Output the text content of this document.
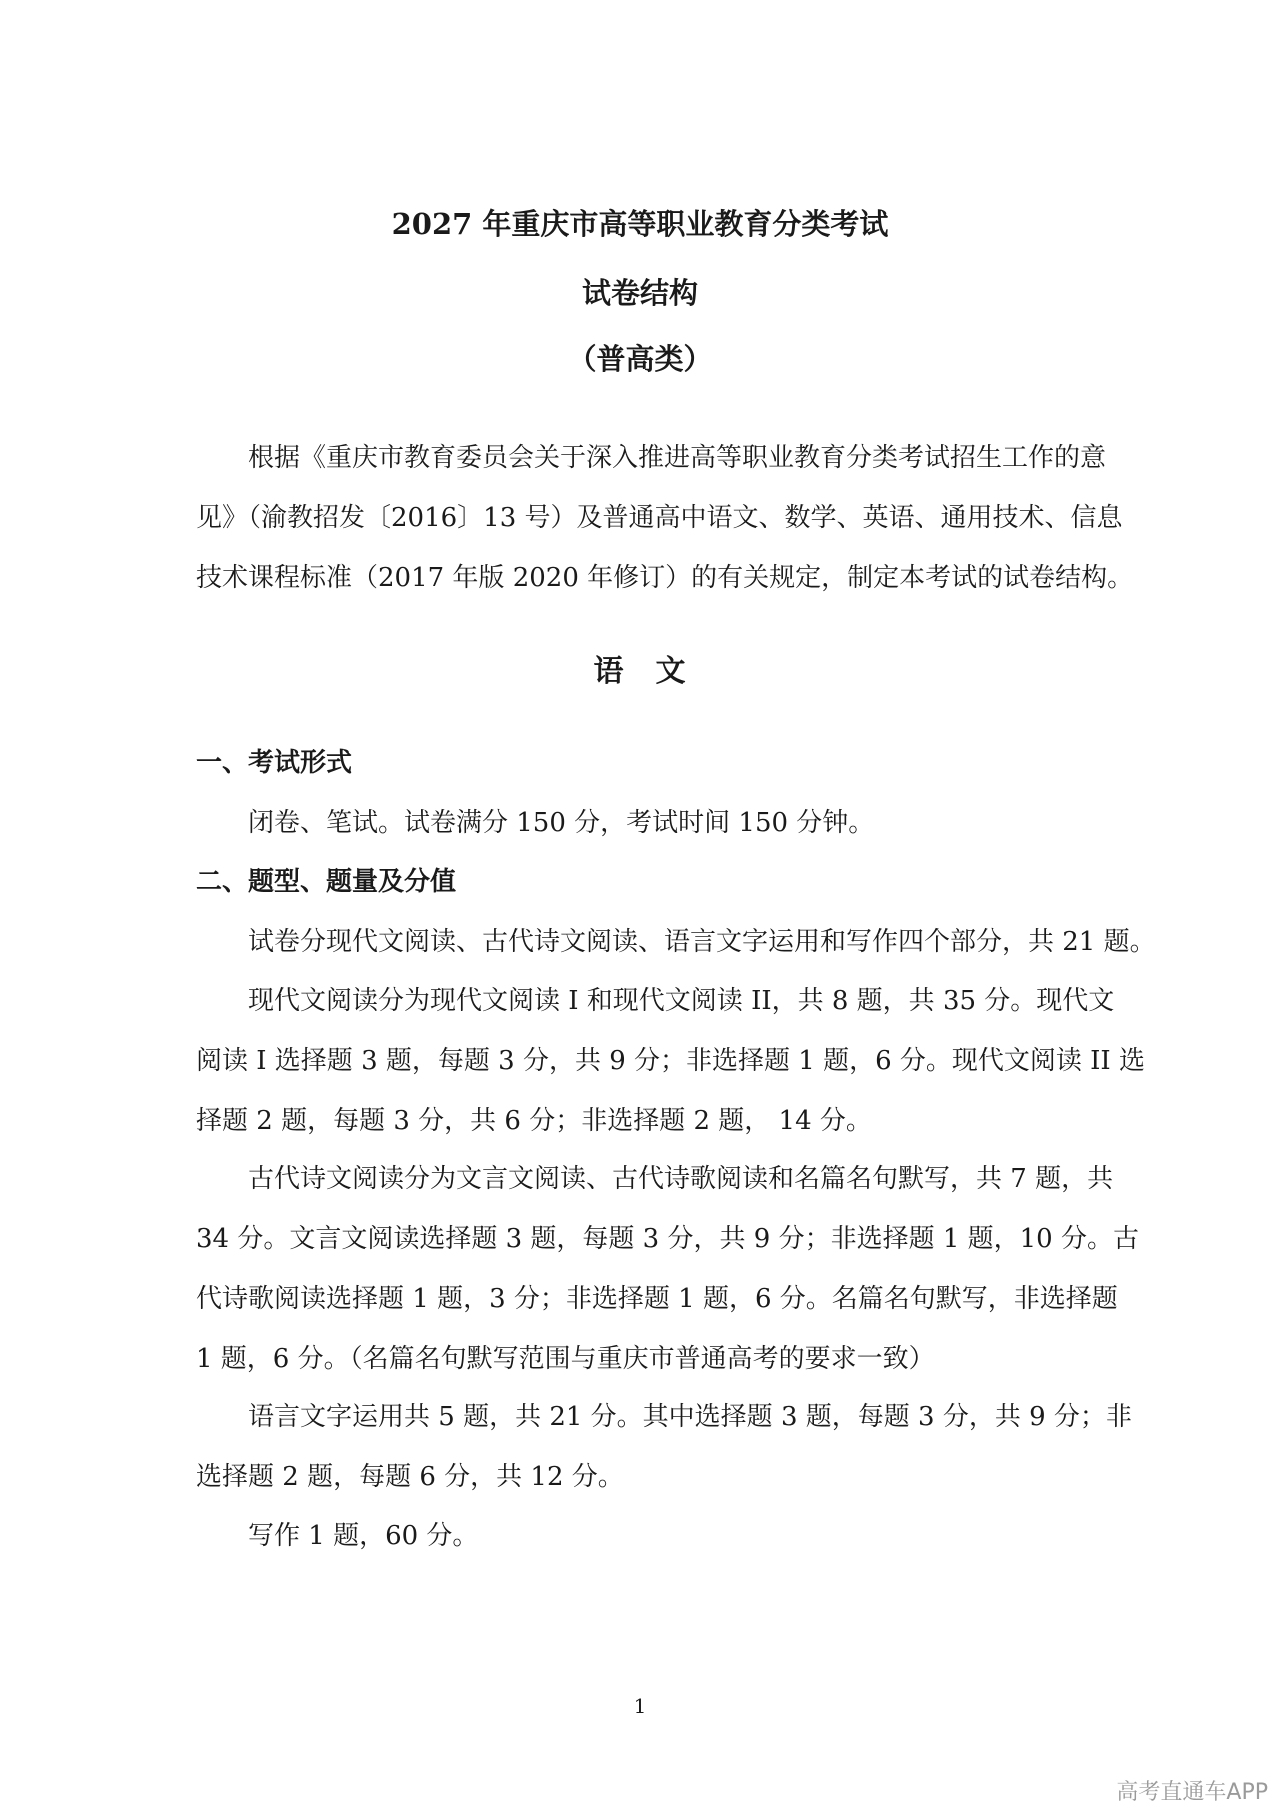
2027 年重庆市高等职业教育分类考试
试卷结构
（普高类）
根据《重庆市教育委员会关于深入推进高等职业教育分类考试招生工作的意
见》（渝教招发〔2016〕13 号）及普通高中语文、数学、英语、通用技术、信息
技术课程标准（2017 年版 2020 年修订）的有关规定，制定本考试的试卷结构。
语　文
一、考试形式
闭卷、笔试。试卷满分 150 分，考试时间 150 分钟。
二、题型、题量及分值
试卷分现代文阅读、古代诗文阅读、语言文字运用和写作四个部分，共 21 题。
现代文阅读分为现代文阅读 I 和现代文阅读 II，共 8 题，共 35 分。现代文
阅读 I 选择题 3 题，每题 3 分，共 9 分；非选择题 1 题，6 分。现代文阅读 II 选
择题 2 题，每题 3 分，共 6 分；非选择题 2 题， 14 分。
古代诗文阅读分为文言文阅读、古代诗歌阅读和名篇名句默写，共 7 题，共
34 分。文言文阅读选择题 3 题，每题 3 分，共 9 分；非选择题 1 题，10 分。古
代诗歌阅读选择题 1 题，3 分；非选择题 1 题，6 分。名篇名句默写，非选择题
1 题，6 分。（名篇名句默写范围与重庆市普通高考的要求一致）
语言文字运用共 5 题，共 21 分。其中选择题 3 题，每题 3 分，共 9 分；非
选择题 2 题，每题 6 分，共 12 分。
写作 1 题，60 分。
1
高考直通车APP
